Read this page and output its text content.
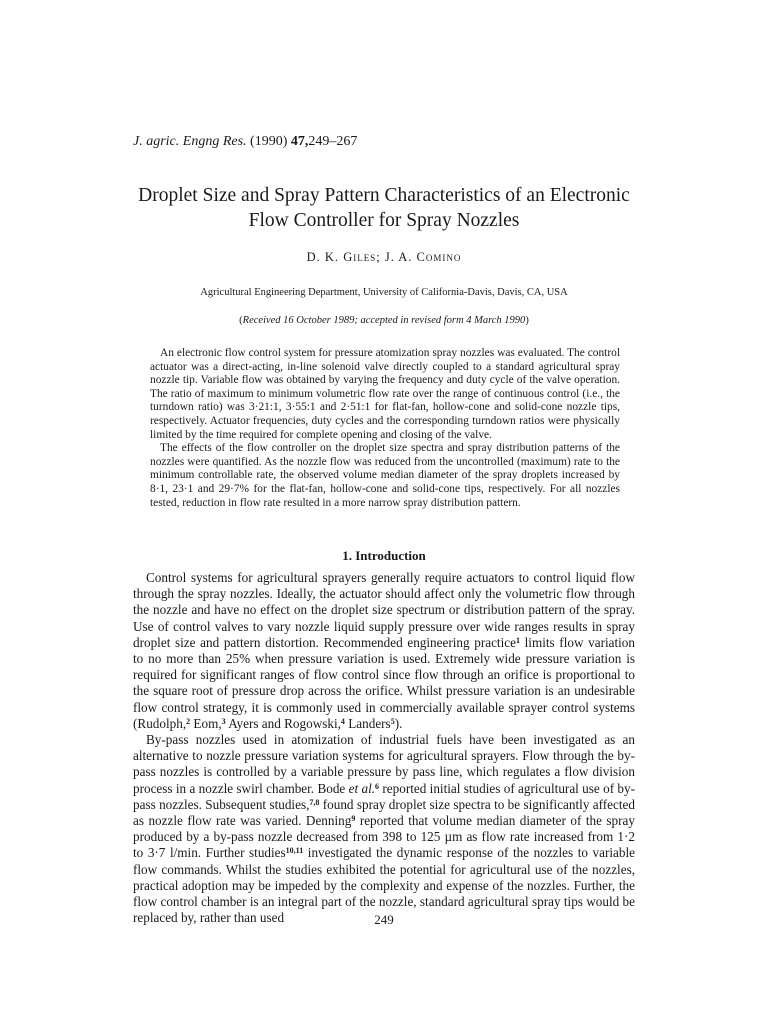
J. agric. Engng Res. (1990) 47,249–267
Droplet Size and Spray Pattern Characteristics of an Electronic
Flow Controller for Spray Nozzles
D. K. Giles; J. A. Comino
Agricultural Engineering Department, University of California-Davis, Davis, CA, USA
(Received 16 October 1989; accepted in revised form 4 March 1990)

An electronic flow control system for pressure atomization spray nozzles was evaluated. The control actuator was a direct-acting, in-line solenoid valve directly coupled to a standard agricultural spray nozzle tip. Variable flow was obtained by varying the frequency and duty cycle of the valve operation. The ratio of maximum to minimum volumetric flow rate over the range of continuous control (i.e., the turndown ratio) was 3·21:1, 3·55:1 and 2·51:1 for flat-fan, hollow-cone and solid-cone nozzle tips, respectively. Actuator frequencies, duty cycles and the corresponding turndown ratios were physically limited by the time required for complete opening and closing of the valve.

The effects of the flow controller on the droplet size spectra and spray distribution patterns of the nozzles were quantified. As the nozzle flow was reduced from the uncontrolled (maximum) rate to the minimum controllable rate, the observed volume median diameter of the spray droplets increased by 8·1, 23·1 and 29·7% for the flat-fan, hollow-cone and solid-cone tips, respectively. For all nozzles tested, reduction in flow rate resulted in a more narrow spray distribution pattern.

1. Introduction

Control systems for agricultural sprayers generally require actuators to control liquid flow through the spray nozzles. Ideally, the actuator should affect only the volumetric flow through the nozzle and have no effect on the droplet size spectrum or distribution pattern of the spray. Use of control valves to vary nozzle liquid supply pressure over wide ranges results in spray droplet size and pattern distortion. Recommended engineering practice$^1$ limits flow variation to no more than 25% when pressure variation is used. Extremely wide pressure variation is required for significant ranges of flow control since flow through an orifice is proportional to the square root of pressure drop across the orifice. Whilst pressure variation is an undesirable flow control strategy, it is commonly used in commercially available sprayer control systems (Rudolph,$^2$ Eom,$^3$ Ayers and Rogowski,$^4$ Landers$^5$).

By-pass nozzles used in atomization of industrial fuels have been investigated as an alternative to nozzle pressure variation systems for agricultural sprayers. Flow through the by-pass nozzles is controlled by a variable pressure by pass line, which regulates a flow division process in a nozzle swirl chamber. Bode et al.$^6$ reported initial studies of agricultural use of by-pass nozzles. Subsequent studies,$^{7,8}$ found spray droplet size spectra to be significantly affected as nozzle flow rate was varied. Denning$^9$ reported that volume median diameter of the spray produced by a by-pass nozzle decreased from 398 to 125 µm as flow rate increased from 1·2 to 3·7 l/min. Further studies$^{10,11}$ investigated the dynamic response of the nozzles to variable flow commands. Whilst the studies exhibited the potential for agricultural use of the nozzles, practical adoption may be impeded by the complexity and expense of the nozzles. Further, the flow control chamber is an integral part of the nozzle, standard agricultural spray tips would be replaced by, rather than used	249
